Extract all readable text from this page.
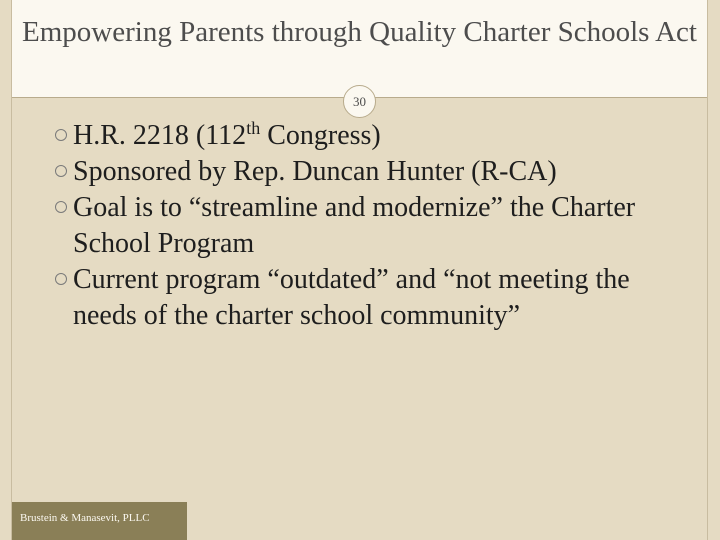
Empowering Parents through Quality Charter Schools Act
30

H.R. 2218 (112th Congress)

Sponsored by Rep. Duncan Hunter (R-CA)

Goal is to “streamline and modernize” the Charter School Program

Current program “outdated” and “not meeting the needs of the charter school community”

Brustein & Manasevit, PLLC
